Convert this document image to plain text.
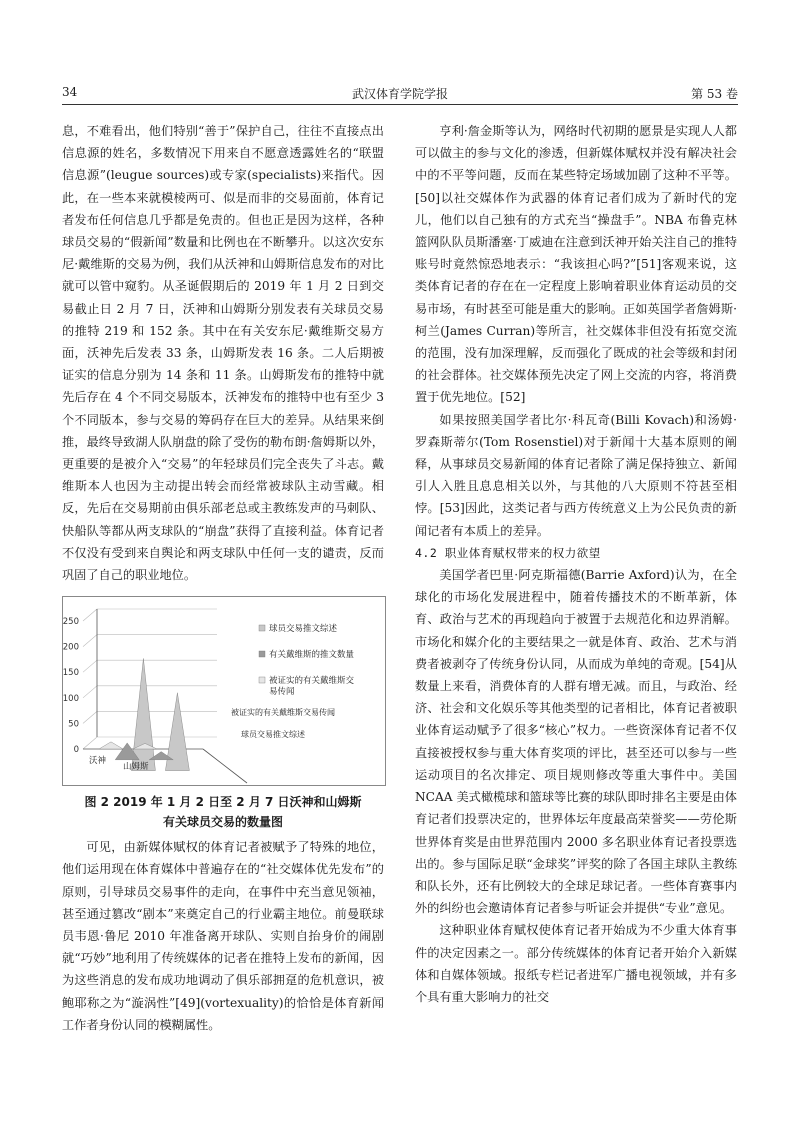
34	武汉体育学院学报	第 53 卷

息，不难看出，他们特别“善于”保护自己，往往不直接点出信息源的姓名，多数情况下用来自不愿意透露姓名的“联盟信息源”(leugue sources)或专家(specialists)来指代。因此，在一些本来就模棱两可、似是而非的交易面前，体育记者发布任何信息几乎都是免责的。但也正是因为这样，各种球员交易的“假新闻”数量和比例也在不断攀升。以这次安东尼·戴维斯的交易为例，我们从沃神和山姆斯信息发布的对比就可以管中窥豹。从圣诞假期后的 2019 年 1 月 2 日到交易截止日 2 月 7 日，沃神和山姆斯分别发表有关球员交易的推特 219 和 152 条。其中在有关安东尼·戴维斯交易方面，沃神先后发表 33 条，山姆斯发表 16 条。二人后期被证实的信息分别为 14 条和 11 条。山姆斯发布的推特中就先后存在 4 个不同交易版本，沃神发布的推特中也有至少 3 个不同版本，参与交易的筹码存在巨大的差异。从结果来倒推，最终导致湖人队崩盘的除了受伤的勒布朗·詹姆斯以外，更重要的是被介入“交易”的年轻球员们完全丧失了斗志。戴维斯本人也因为主动提出转会而经常被球队主动雪藏。相反，先后在交易期前由俱乐部老总或主教练发声的马刺队、快船队等都从两支球队的“崩盘”获得了直接利益。体育记者不仅没有受到来自舆论和两支球队中任何一支的谴责，反而巩固了自己的职业地位。

250
200
150
100
50
0
沃神
山姆斯
被证实的有关戴维斯交易传闻
球员交易推文综述
球员交易推文综述
有关戴维斯的推文数量
被证实的有关戴维斯交
易传闻
图 2 2019 年 1 月 2 日至 2 月 7 日沃神和山姆斯
有关球员交易的数量图

可见，由新媒体赋权的体育记者被赋予了特殊的地位，他们运用现在体育媒体中普遍存在的“社交媒体优先发布”的原则，引导球员交易事件的走向，在事件中充当意见领袖，甚至通过篡改“剧本”来奠定自己的行业霸主地位。前曼联球员韦恩·鲁尼 2010 年准备离开球队、实则自抬身价的闹剧就“巧妙”地利用了传统媒体的记者在推特上发布的新闻，因为这些消息的发布成功地调动了俱乐部拥趸的危机意识，被鲍耶称之为“漩涡性”[49](vortexuality)的恰恰是体育新闻工作者身份认同的模糊属性。

亨利·詹金斯等认为，网络时代初期的愿景是实现人人都可以做主的参与文化的渗透，但新媒体赋权并没有解决社会中的不平等问题，反而在某些特定场域加剧了这种不平等。[50]以社交媒体作为武器的体育记者们成为了新时代的宠儿，他们以自己独有的方式充当“操盘手”。NBA 布鲁克林篮网队队员斯潘塞·丁威迪在注意到沃神开始关注自己的推特账号时竟然惊恐地表示：“我该担心吗?”[51]客观来说，这类体育记者的存在在一定程度上影响着职业体育运动员的交易市场，有时甚至可能是重大的影响。正如英国学者詹姆斯·柯兰(James Curran)等所言，社交媒体非但没有拓宽交流的范围，没有加深理解，反而强化了既成的社会等级和封闭的社会群体。社交媒体预先决定了网上交流的内容，将消费置于优先地位。[52]

如果按照美国学者比尔·科瓦奇(Billi Kovach)和汤姆·罗森斯蒂尔(Tom Rosenstiel)对于新闻十大基本原则的阐释，从事球员交易新闻的体育记者除了满足保持独立、新闻引人入胜且息息相关以外，与其他的八大原则不符甚至相悖。[53]因此，这类记者与西方传统意义上为公民负责的新闻记者有本质上的差异。

4.2 职业体育赋权带来的权力欲望

美国学者巴里·阿克斯福德(Barrie Axford)认为，在全球化的市场化发展进程中，随着传播技术的不断革新，体育、政治与艺术的再现趋向于被置于去规范化和边界消解。市场化和媒介化的主要结果之一就是体育、政治、艺术与消费者被剥夺了传统身份认同，从而成为单纯的奇观。[54]从数量上来看，消费体育的人群有增无减。而且，与政治、经济、社会和文化娱乐等其他类型的记者相比，体育记者被职业体育运动赋予了很多“核心”权力。一些资深体育记者不仅直接被授权参与重大体育奖项的评比，甚至还可以参与一些运动项目的名次排定、项目规则修改等重大事件中。美国 NCAA 美式橄榄球和篮球等比赛的球队即时排名主要是由体育记者们投票决定的，世界体坛年度最高荣誉奖——劳伦斯世界体育奖是由世界范围内 2000 多名职业体育记者投票选出的。参与国际足联“金球奖”评奖的除了各国主球队主教练和队长外，还有比例较大的全球足球记者。一些体育赛事内外的纠纷也会邀请体育记者参与听证会并提供“专业”意见。

这种职业体育赋权使体育记者开始成为不少重大体育事件的决定因素之一。部分传统媒体的体育记者开始介入新媒体和自媒体领域。报纸专栏记者进军广播电视领域，并有多个具有重大影响力的社交
